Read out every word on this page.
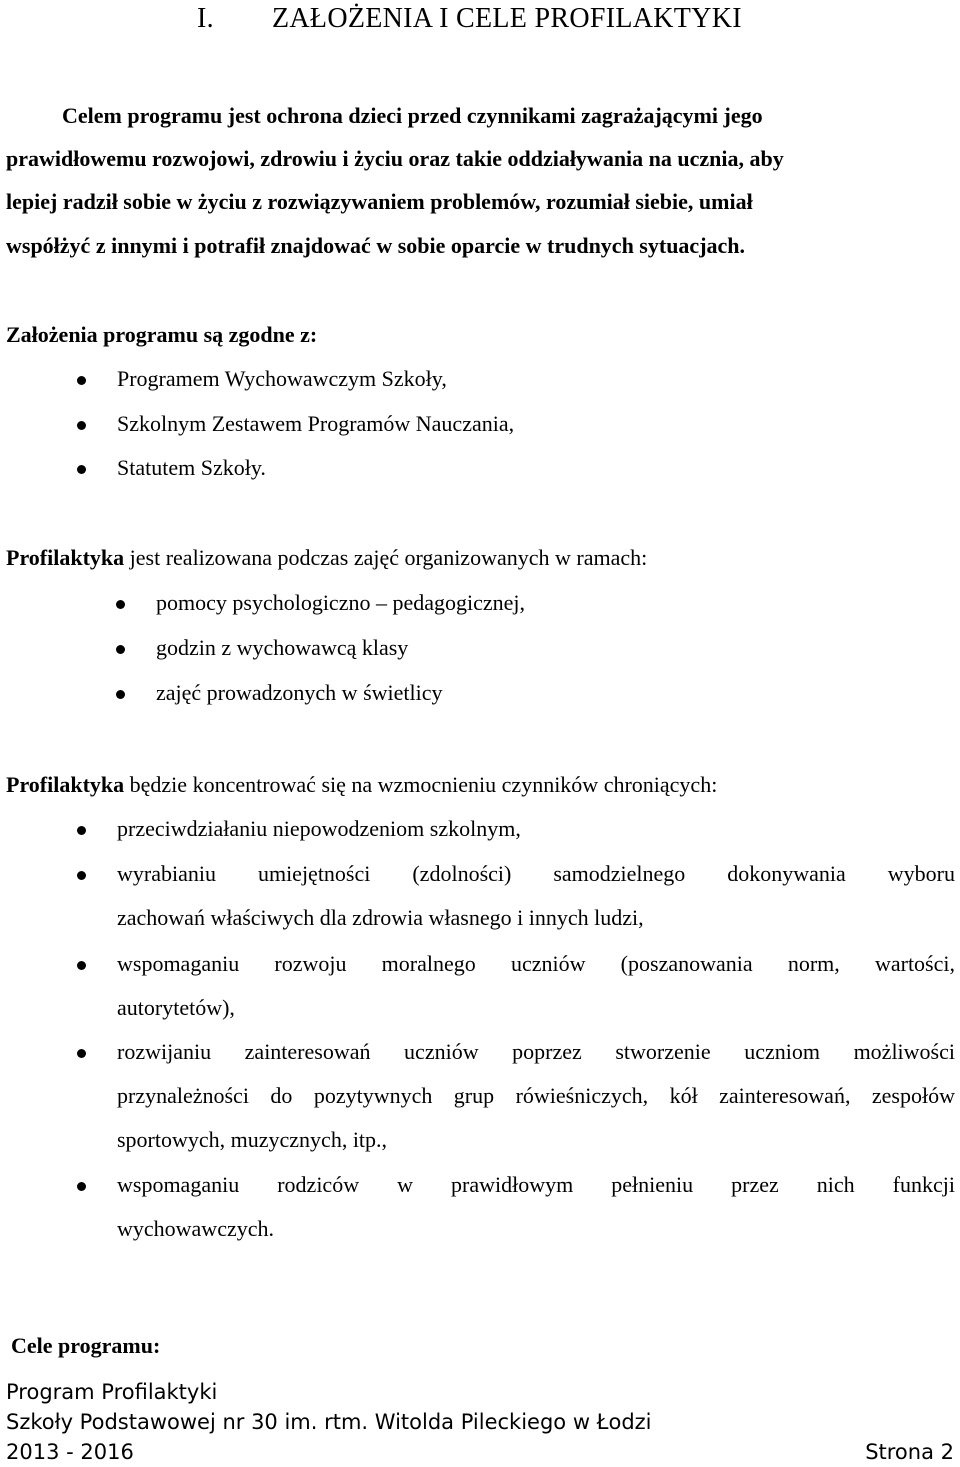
I. ZAŁOŻENIA I CELE PROFILAKTYKI
Celem programu jest ochrona dzieci przed czynnikami zagrażającymi jego
prawidłowemu rozwojowi, zdrowiu i życiu oraz takie oddziaływania na ucznia, aby
lepiej radził sobie w życiu z rozwiązywaniem problemów, rozumiał siebie, umiał
współżyć z innymi i potrafił znajdować w sobie oparcie w trudnych sytuacjach.
Założenia programu są zgodne z:
Programem Wychowawczym Szkoły,
Szkolnym Zestawem Programów Nauczania,
Statutem Szkoły.
Profilaktyka jest realizowana podczas zajęć organizowanych w ramach:
pomocy psychologiczno – pedagogicznej,
godzin z wychowawcą klasy
zajęć prowadzonych w świetlicy
Profilaktyka będzie koncentrować się na wzmocnieniu czynników chroniących:
przeciwdziałaniu niepowodzeniom szkolnym,
wyrabianiu umiejętności (zdolności) samodzielnego dokonywania wyboru
zachowań właściwych dla zdrowia własnego i innych ludzi,
wspomaganiu rozwoju moralnego uczniów (poszanowania norm, wartości,
autorytetów),
rozwijaniu zainteresowań uczniów poprzez stworzenie uczniom możliwości
przynależności do pozytywnych grup rówieśniczych, kół zainteresowań, zespołów
sportowych, muzycznych, itp.,
wspomaganiu rodziców w prawidłowym pełnieniu przez nich funkcji
wychowawczych.
Cele programu:
Program Profilaktyki
Szkoły Podstawowej nr 30 im. rtm. Witolda Pileckiego w Łodzi
2013 - 2016	Strona 2
